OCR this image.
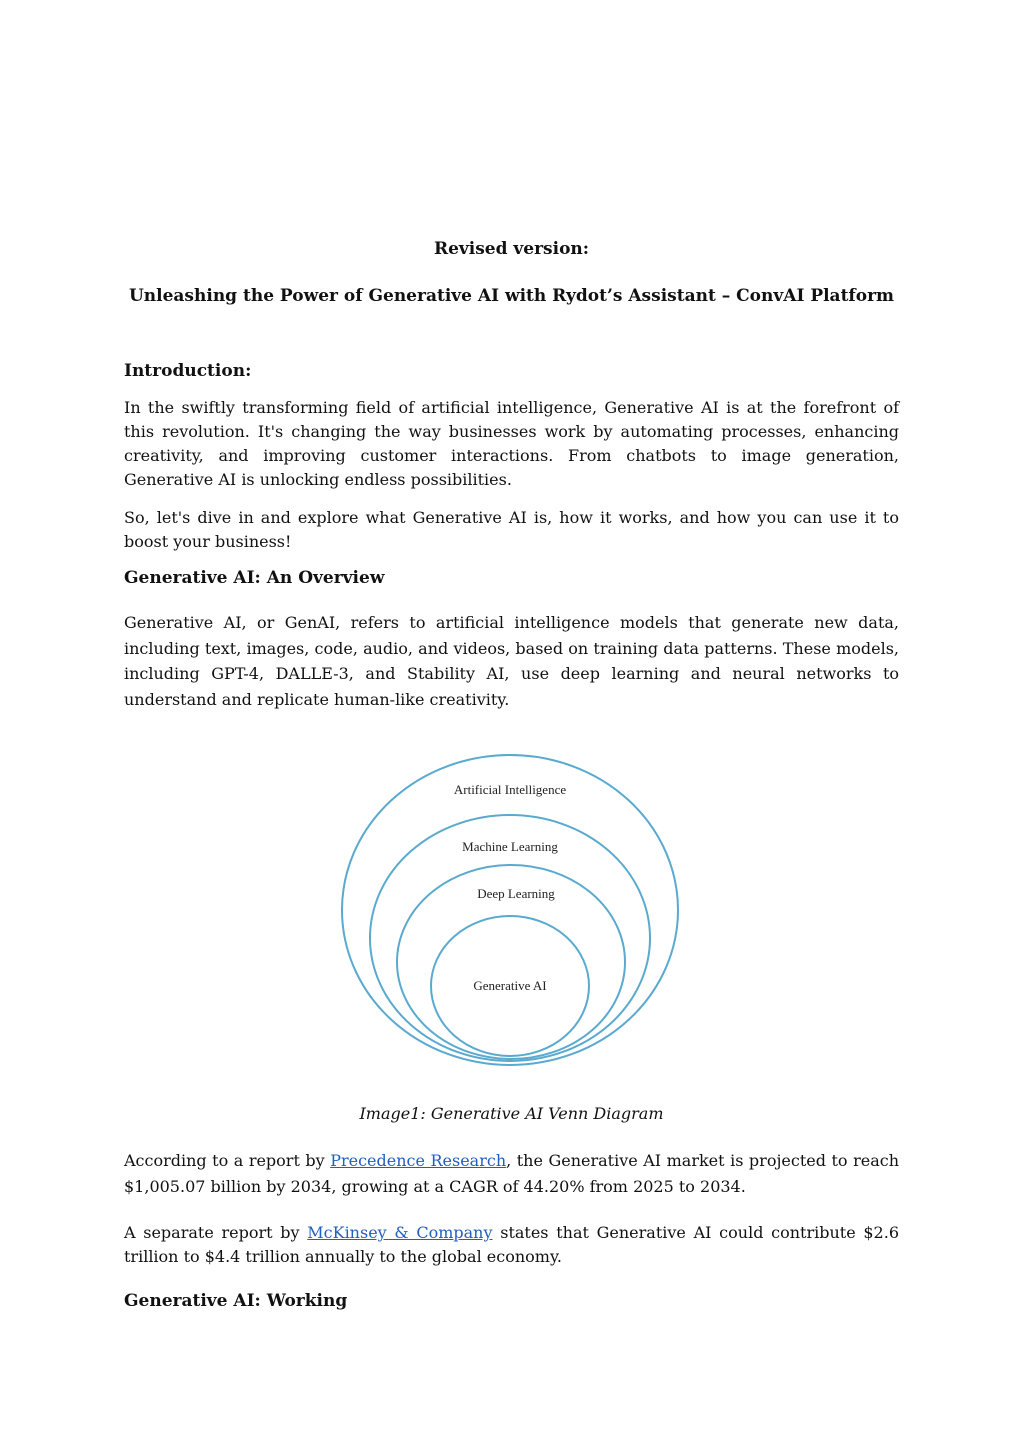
Revised version:

Unleashing the Power of Generative AI with Rydot’s Assistant – ConvAI Platform

Introduction:

In the swiftly transforming field of artificial intelligence, Generative AI is at the forefront of this revolution. It's changing the way businesses work by automating processes, enhancing creativity, and improving customer interactions. From chatbots to image generation, Generative AI is unlocking endless possibilities.

So, let's dive in and explore what Generative AI is, how it works, and how you can use it to boost your business!

Generative AI: An Overview

Generative AI, or GenAI, refers to artificial intelligence models that generate new data, including text, images, code, audio, and videos, based on training data patterns. These models, including GPT-4, DALLE-3, and Stability AI, use deep learning and neural networks to understand and replicate human-like creativity.

Artificial Intelligence
Machine Learning
Deep Learning
Generative AI

Image1: Generative AI Venn Diagram

According to a report by Precedence Research, the Generative AI market is projected to reach $1,005.07 billion by 2034, growing at a CAGR of 44.20% from 2025 to 2034.

A separate report by McKinsey & Company states that Generative AI could contribute $2.6 trillion to $4.4 trillion annually to the global economy.

Generative AI: Working
